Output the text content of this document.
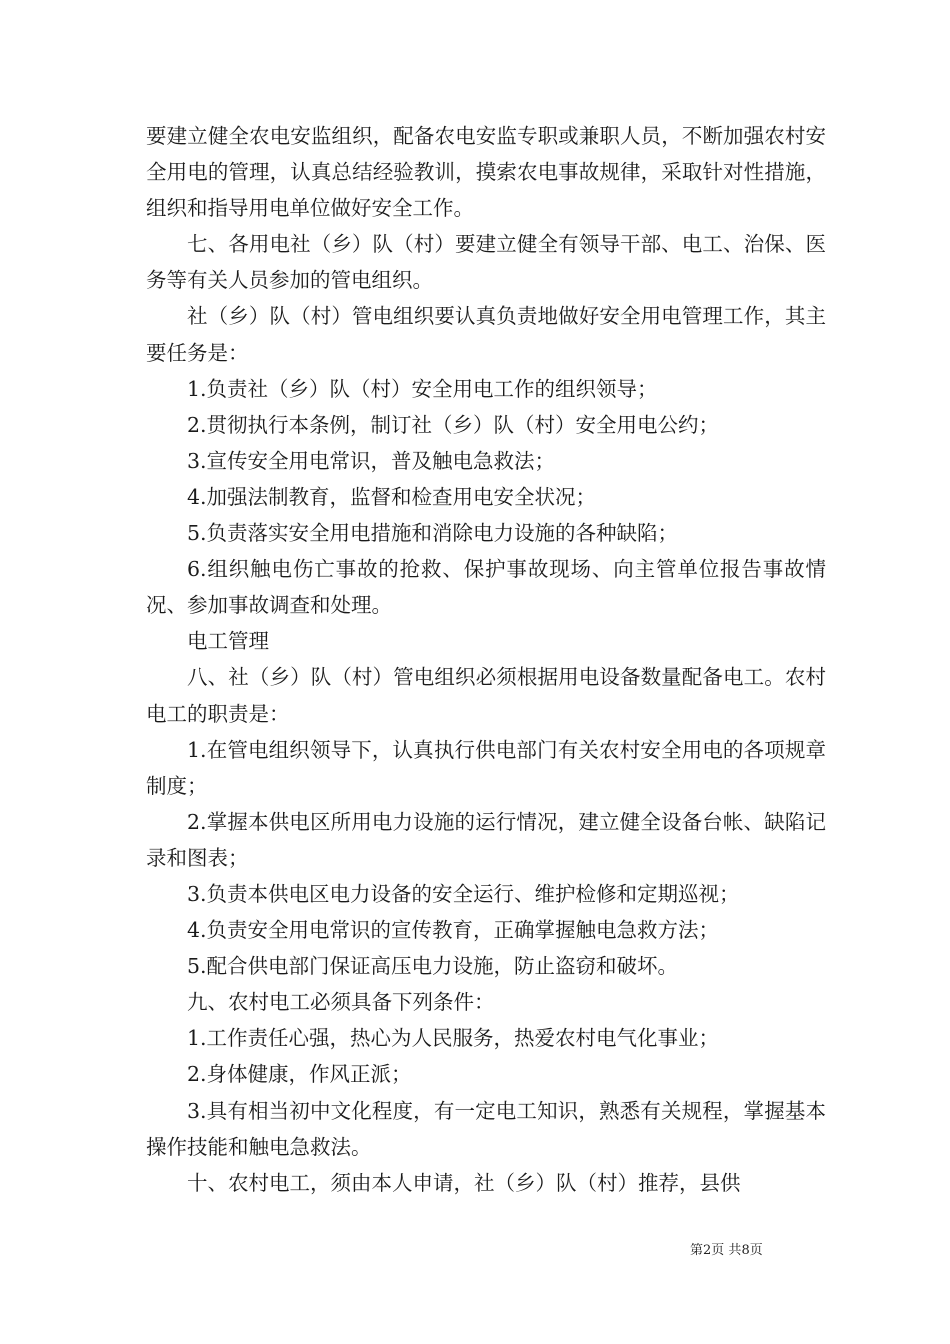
要建立健全农电安监组织，配备农电安监专职或兼职人员，不断加强农村安全用电的管理，认真总结经验教训，摸索农电事故规律，采取针对性措施，组织和指导用电单位做好安全工作。

七、各用电社（乡）队（村）要建立健全有领导干部、电工、治保、医务等有关人员参加的管电组织。

社（乡）队（村）管电组织要认真负责地做好安全用电管理工作，其主要任务是：

1.负责社（乡）队（村）安全用电工作的组织领导；

2.贯彻执行本条例，制订社（乡）队（村）安全用电公约；

3.宣传安全用电常识，普及触电急救法；

4.加强法制教育，监督和检查用电安全状况；

5.负责落实安全用电措施和消除电力设施的各种缺陷；

6.组织触电伤亡事故的抢救、保护事故现场、向主管单位报告事故情况、参加事故调查和处理。

电工管理

八、社（乡）队（村）管电组织必须根据用电设备数量配备电工。农村电工的职责是：

1.在管电组织领导下，认真执行供电部门有关农村安全用电的各项规章制度；

2.掌握本供电区所用电力设施的运行情况，建立健全设备台帐、缺陷记录和图表；

3.负责本供电区电力设备的安全运行、维护检修和定期巡视；

4.负责安全用电常识的宣传教育，正确掌握触电急救方法；

5.配合供电部门保证高压电力设施，防止盗窃和破坏。

九、农村电工必须具备下列条件：

1.工作责任心强，热心为人民服务，热爱农村电气化事业；

2.身体健康，作风正派；

3.具有相当初中文化程度，有一定电工知识，熟悉有关规程，掌握基本操作技能和触电急救法。

十、农村电工，须由本人申请，社（乡）队（村）推荐，县供

第2页 共8页
